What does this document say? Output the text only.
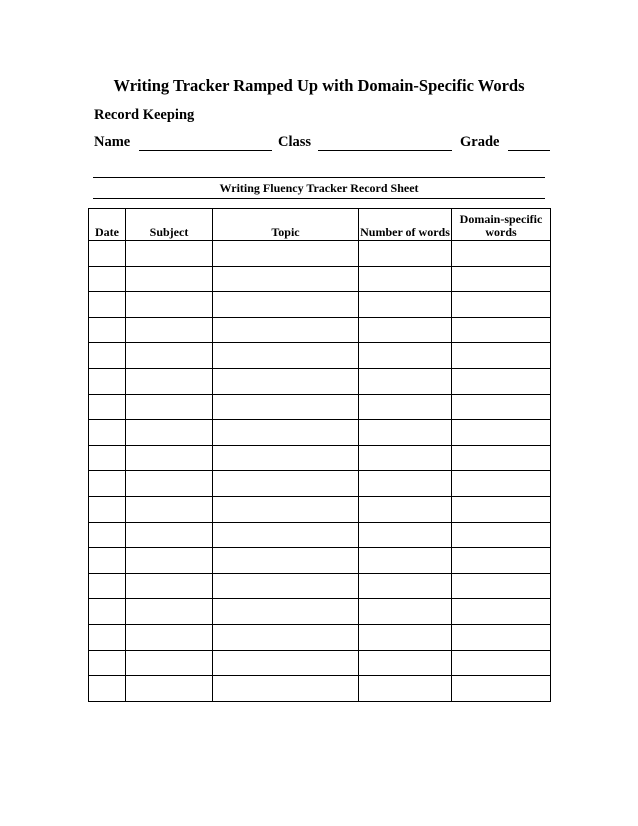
Writing Tracker Ramped Up with Domain-Specific Words
Record Keeping
Name	Class	Grade
Writing Fluency Tracker Record Sheet
Date	Subject	Topic	Number of words	Domain-specific words
